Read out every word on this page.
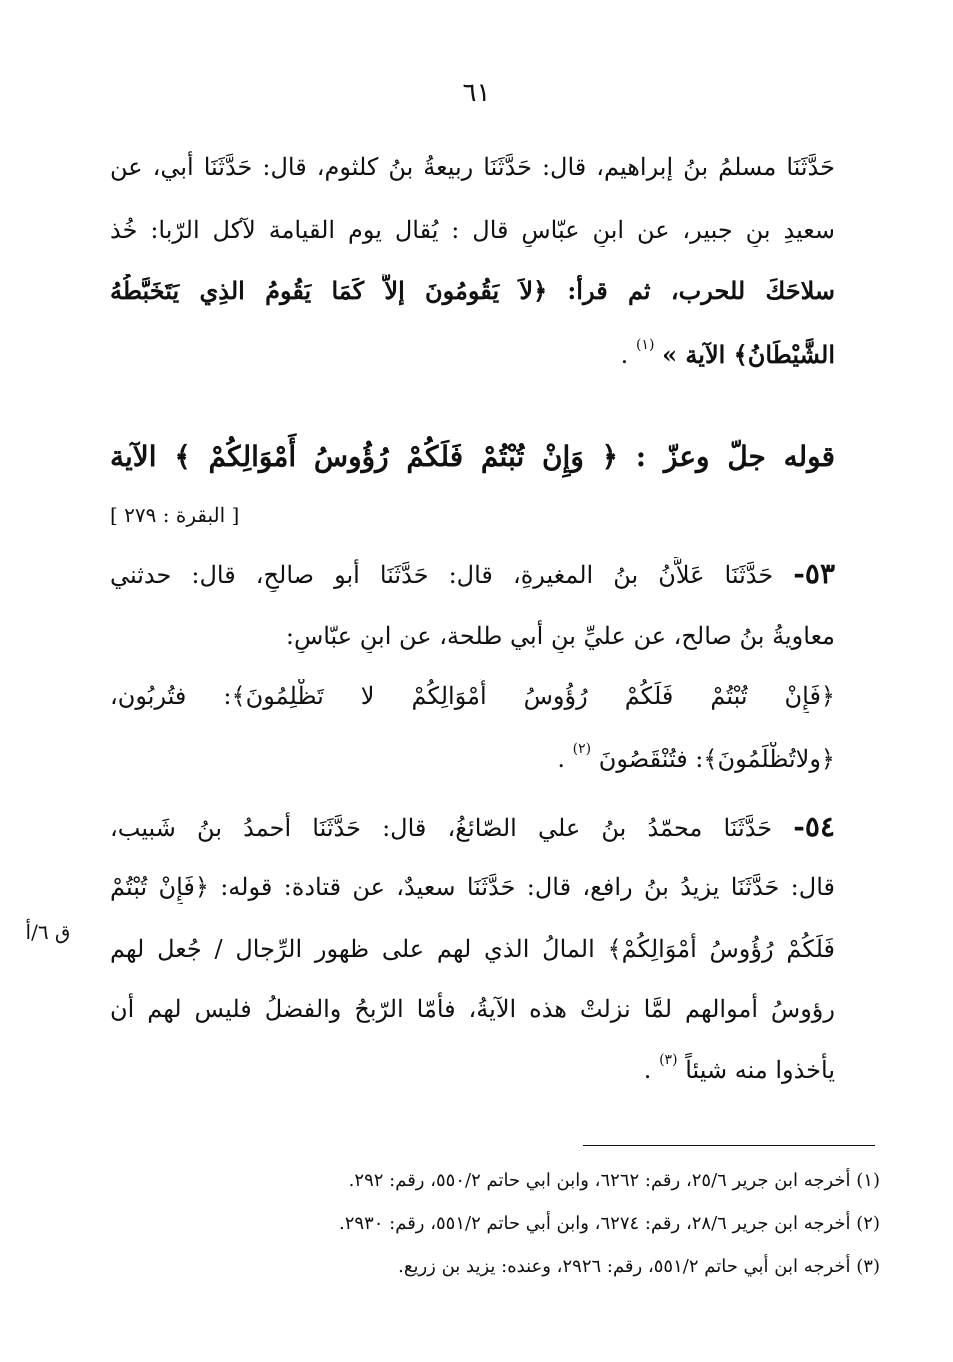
٦١
حَدَّثَنَا مسلمُ بنُ إبراهيم، قال: حَدَّثَنَا ربيعةُ بنُ كلثوم، قال: حَدَّثَنَا أبي، عن
سعيدِ بنِ جبير، عن ابنِ عبّاسٍ قال : يُقال يوم القيامة لآكل الرّبا: خُذ
سلاحَكَ للحرب، ثم قرأ: ﴿لاَ يَقُومُونَ إلاَّ كَمَا يَقُومُ الذِي يَتَخَبَّطُهُ
الشَّيْطَانُ﴾ الآية » $^{(١)}$ .
قوله جلّ وعزّ : ﴿ وَإِنْ تُبْتُمْ فَلَكُمْ رُؤُوسُ أَمْوَالِكُمْ ﴾ الآية
[ البقرة : ٢٧٩ ]
٥٣- حَدَّثَنَا عَلاَّنُ بنُ المغيرةِ، قال: حَدَّثَنَا أبو صالحٍ، قال: حدثني
معاويةُ بنُ صالح، عن عليِّ بنِ أبي طلحة، عن ابنِ عبّاسٍ:
﴿فَإِنْ تُبْتُمْ فَلَكُمْ رُؤُوسُ أَمْوَالِكُمْ لا تَظْلِمُونَ﴾: فتُربُون،
﴿ولاتُظْلَمُونَ﴾: فتُنْقَصُونَ $^{(٢)}$ .
٥٤- حَدَّثَنَا محمّدُ بنُ علي الصّائغُ، قال: حَدَّثَنَا أحمدُ بنُ شَبيب،
قال: حَدَّثَنَا يزيدُ بنُ رافع، قال: حَدَّثَنَا سعيدٌ، عن قتادة: قوله: ﴿فَإِنْ تُبْتُمْ
فَلَكُمْ رُؤُوسُ أَمْوَالِكُمْ﴾ المالُ الذي لهم على ظهور الرِّجال / جُعل لهم
رؤوسُ أموالهم لمَّا نزلتْ هذه الآيةُ، فأمّا الرّبحُ والفضلُ فليس لهم أن
يأخذوا منه شيئاً $^{(٣)}$ .
ق ٦/أ
(١) أخرجه ابن جرير ٢٥/٦، رقم: ٦٢٦٢، وابن ابي حاتم ٥٥٠/٢، رقم: ٢٩٢.
(٢) أخرجه ابن جرير ٢٨/٦، رقم: ٦٢٧٤، وابن أبي حاتم ٥٥١/٢، رقم: ٢٩٣٠.
(٣) أخرجه ابن أبي حاتم ٥٥١/٢، رقم: ٢٩٢٦، وعنده: يزيد بن زريع.
